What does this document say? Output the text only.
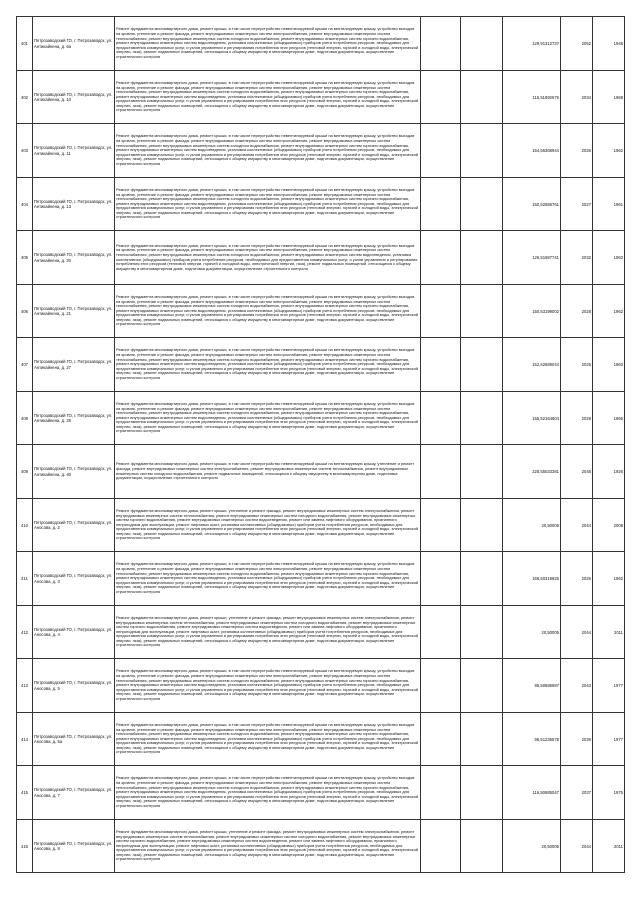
401	Петрозаводский ГО, г. Петрозаводск, ул. Антикайнена, д. 6а	Ремонт фундамента многоквартирного дома, ремонт крыши, в том числе переустройство невентилируемой крыши на вентилируемую крышу, устройство выходов на кровлю, утепление и ремонт фасада, ремонт внутридомовых инженерных систем электроснабжения, ремонт внутридомовых инженерных систем теплоснабжения, ремонт внутридомовых инженерных систем холодного водоснабжения, ремонт внутридомовых инженерных систем горячего водоснабжения, ремонт внутридомовых инженерных систем водоотведения, установка коллективных (общедомовых) приборов учета потребления ресурсов, необходимых для предоставления коммунальных услуг, и узлов управления и регулирования потребления этих ресурсов (тепловой энергии, горячей и холодной воды, электрической энергии, газа), ремонт подвальных помещений, относящихся к общему имуществу в многоквартирном доме, подготовка документации, осуществление строительного контроля			129,91312737	2052	1948
402	Петрозаводский ГО, г. Петрозаводск, ул. Антикайнена, д. 10	Ремонт фундамента многоквартирного дома, ремонт крыши, в том числе переустройство невентилируемой крыши на вентилируемую крышу, устройство выходов на кровлю, утепление и ремонт фасада, ремонт внутридомовых инженерных систем электроснабжения, ремонт внутридомовых инженерных систем теплоснабжения, ремонт внутридомовых инженерных систем холодного водоснабжения, ремонт внутридомовых инженерных систем горячего водоснабжения, ремонт внутридомовых инженерных систем водоотведения, установка коллективных (общедомовых) приборов учета потребления ресурсов, необходимых для предоставления коммунальных услуг, и узлов управления и регулирования потребления этих ресурсов (тепловой энергии, горячей и холодной воды, электрической энергии, газа), ремонт подвальных помещений, относящихся к общему имуществу в многоквартирном доме, подготовка документации, осуществление строительного контроля			115,51892676	2034	1968
403	Петрозаводский ГО, г. Петрозаводск, ул. Антикайнена, д. 11	Ремонт фундамента многоквартирного дома, ремонт крыши, в том числе переустройство невентилируемой крыши на вентилируемую крышу, устройство выходов на кровлю, утепление и ремонт фасада, ремонт внутридомовых инженерных систем электроснабжения, ремонт внутридомовых инженерных систем теплоснабжения, ремонт внутридомовых инженерных систем холодного водоснабжения, ремонт внутридомовых инженерных систем горячего водоснабжения, ремонт внутридомовых инженерных систем водоотведения, установка коллективных (общедомовых) приборов учета потребления ресурсов, необходимых для предоставления коммунальных услуг, и узлов управления и регулирования потребления этих ресурсов (тепловой энергии, горячей и холодной воды, электрической энергии, газа), ремонт подвальных помещений, относящихся к общему имуществу в многоквартирном доме, подготовка документации, осуществление строительного контроля			154,55368944	2026	1962
404	Петрозаводский ГО, г. Петрозаводск, ул. Антикайнена, д. 13	Ремонт фундамента многоквартирного дома, ремонт крыши, в том числе переустройство невентилируемой крыши на вентилируемую крышу, устройство выходов на кровлю, утепление и ремонт фасада, ремонт внутридомовых инженерных систем электроснабжения, ремонт внутридомовых инженерных систем теплоснабжения, ремонт внутридомовых инженерных систем холодного водоснабжения, ремонт внутридомовых инженерных систем горячего водоснабжения, ремонт внутридомовых инженерных систем водоотведения, установка коллективных (общедомовых) приборов учета потребления ресурсов, необходимых для предоставления коммунальных услуг, и узлов управления и регулирования потребления этих ресурсов (тепловой энергии, горячей и холодной воды, электрической энергии, газа), ремонт подвальных помещений, относящихся к общему имуществу в многоквартирном доме, подготовка документации, осуществление строительного контроля			150,52586761	2027	1961
405	Петрозаводский ГО, г. Петрозаводск, ул. Антикайнена, д. 20	Ремонт фундамента многоквартирного дома, ремонт крыши, в том числе переустройство невентилируемой крыши на вентилируемую крышу, устройство выходов на кровлю, утепление и ремонт фасада, ремонт внутридомовых инженерных систем электроснабжения, ремонт внутридомовых инженерных систем теплоснабжения, ремонт внутридомовых инженерных систем холодного водоснабжения, ремонт внутридомовых инженерных систем водоотведения, установка коллективных (общедомовых) приборов учета потребления ресурсов, необходимых для предоставления коммунальных услуг, и узлов управления и регулирования потребления этих ресурсов (тепловой энергии, горячей и холодной воды, электрической энергии, газа), ремонт подвальных помещений, относящихся к общему имуществу в многоквартирном доме, подготовка документации, осуществление строительного контроля			126,51687741	2032	1963
406	Петрозаводский ГО, г. Петрозаводск, ул. Антикайнена, д. 21	Ремонт фундамента многоквартирного дома, ремонт крыши, в том числе переустройство невентилируемой крыши на вентилируемую крышу, устройство выходов на кровлю, утепление и ремонт фасада, ремонт внутридомовых инженерных систем электроснабжения, ремонт внутридомовых инженерных систем теплоснабжения, ремонт внутридомовых инженерных систем холодного водоснабжения, ремонт внутридомовых инженерных систем горячего водоснабжения, ремонт внутридомовых инженерных систем водоотведения, установка коллективных (общедомовых) приборов учета потребления ресурсов, необходимых для предоставления коммунальных услуг, и узлов управления и регулирования потребления этих ресурсов (тепловой энергии, горячей и холодной воды, электрической энергии, газа), ремонт подвальных помещений, относящихся к общему имуществу в многоквартирном доме, подготовка документации, осуществление строительного контроля			150,53199002	2028	1962
407	Петрозаводский ГО, г. Петрозаводск, ул. Антикайнена, д. 27	Ремонт фундамента многоквартирного дома, ремонт крыши, в том числе переустройство невентилируемой крыши на вентилируемую крышу, устройство выходов на кровлю, утепление и ремонт фасада, ремонт внутридомовых инженерных систем электроснабжения, ремонт внутридомовых инженерных систем теплоснабжения, ремонт внутридомовых инженерных систем холодного водоснабжения, ремонт внутридомовых инженерных систем горячего водоснабжения, ремонт внутридомовых инженерных систем водоотведения, установка коллективных (общедомовых) приборов учета потребления ресурсов, необходимых для предоставления коммунальных услуг, и узлов управления и регулирования потребления этих ресурсов (тепловой энергии, горячей и холодной воды, электрической энергии, газа), ремонт подвальных помещений, относящихся к общему имуществу в многоквартирном доме, подготовка документации, осуществление строительного контроля			152,52689044	2025	1963
408	Петрозаводский ГО, г. Петрозаводск, ул. Антикайнена, д. 29	Ремонт фундамента многоквартирного дома, ремонт крыши, в том числе переустройство невентилируемой крыши на вентилируемую крышу, устройство выходов на кровлю, утепление и ремонт фасада, ремонт внутридомовых инженерных систем электроснабжения, ремонт внутридомовых инженерных систем теплоснабжения, ремонт внутридомовых инженерных систем холодного водоснабжения, ремонт внутридомовых инженерных систем горячего водоснабжения, ремонт внутридомовых инженерных систем водоотведения, установка коллективных (общедомовых) приборов учета потребления ресурсов, необходимых для предоставления коммунальных услуг, и узлов управления и регулирования потребления этих ресурсов (тепловой энергии, горячей и холодной воды, электрической энергии, газа), ремонт подвальных помещений, относящихся к общему имуществу в многоквартирном доме, подготовка документации, осуществление строительного контроля			155,52164604	2029	1966
409	Петрозаводский ГО, г. Петрозаводск, ул. Антикайнена, д. 40	Ремонт фундамента многоквартирного дома, ремонт крыши, в том числе переустройство невентилируемой крыши на вентилируемую крышу, утепление и ремонт фасада, ремонт внутридомовых инженерных систем электроснабжения, ремонт внутридомовых инженерных систем теплоснабжения, ремонт внутридомовых инженерных систем холодного водоснабжения, ремонт подвальных помещений, относящихся к общему имуществу в многоквартирном доме, подготовка документации, осуществление строительного контроля			228,55033381	2048	1926
410	Петрозаводский ГО, г. Петрозаводск, ул. Аносова, д. 2	Ремонт фундамента многоквартирного дома, ремонт крыши, утепление и ремонт фасада, ремонт внутридомовых инженерных систем электроснабжения, ремонт внутридомовых инженерных систем теплоснабжения, ремонт внутридомовых инженерных систем холодного водоснабжения, ремонт внутридомовых инженерных систем горячего водоснабжения, ремонт внутридомовых инженерных систем водоотведения, ремонт или замена лифтового оборудования, признанного непригодным для эксплуатации, ремонт лифтовых шахт, установка коллективных (общедомовых) приборов учета потребления ресурсов, необходимых для предоставления коммунальных услуг, и узлов управления и регулирования потребления этих ресурсов (тепловой энергии, горячей и холодной воды, электрической энергии, газа), ремонт подвальных помещений, относящихся к общему имуществу в многоквартирном доме, подготовка документации, осуществление строительного контроля			20,50005	2044	2008
411	Петрозаводский ГО, г. Петрозаводск, ул. Аносова, д. 3	Ремонт фундамента многоквартирного дома, ремонт крыши, в том числе переустройство невентилируемой крыши на вентилируемую крышу, устройство выходов на кровлю, утепление и ремонт фасада, ремонт внутридомовых инженерных систем электроснабжения, ремонт внутридомовых инженерных систем теплоснабжения, ремонт внутридомовых инженерных систем холодного водоснабжения, ремонт внутридомовых инженерных систем горячего водоснабжения, ремонт внутридомовых инженерных систем водоотведения, установка коллективных (общедомовых) приборов учета потребления ресурсов, необходимых для предоставления коммунальных услуг, и узлов управления и регулирования потребления этих ресурсов (тепловой энергии, горячей и холодной воды, электрической энергии, газа), ремонт подвальных помещений, относящихся к общему имуществу в многоквартирном доме, подготовка документации, осуществление строительного контроля			166,50319825	2026	1962
412	Петрозаводский ГО, г. Петрозаводск, ул. Аносова, д. 4	Ремонт фундамента многоквартирного дома, ремонт крыши, утепление и ремонт фасада, ремонт внутридомовых инженерных систем электроснабжения, ремонт внутридомовых инженерных систем теплоснабжения, ремонт внутридомовых инженерных систем холодного водоснабжения, ремонт внутридомовых инженерных систем горячего водоснабжения, ремонт внутридомовых инженерных систем водоотведения, ремонт или замена лифтового оборудования, признанного непригодным для эксплуатации, ремонт лифтовых шахт, установка коллективных (общедомовых) приборов учета потребления ресурсов, необходимых для предоставления коммунальных услуг, и узлов управления и регулирования потребления этих ресурсов (тепловой энергии, горячей и холодной воды, электрической энергии, газа), ремонт подвальных помещений, относящихся к общему имуществу в многоквартирном доме, подготовка документации, осуществление строительного контроля			20,50005	2044	2011
413	Петрозаводский ГО, г. Петрозаводск, ул. Аносова, д. 5	Ремонт фундамента многоквартирного дома, ремонт крыши, в том числе переустройство невентилируемой крыши на вентилируемую крышу, устройство выходов на кровлю, утепление и ремонт фасада, ремонт внутридомовых инженерных систем электроснабжения, ремонт внутридомовых инженерных систем теплоснабжения, ремонт внутридомовых инженерных систем холодного водоснабжения, ремонт внутридомовых инженерных систем горячего водоснабжения, ремонт внутридомовых инженерных систем водоотведения, установка коллективных (общедомовых) приборов учета потребления ресурсов, необходимых для предоставления коммунальных услуг, и узлов управления и регулирования потребления этих ресурсов (тепловой энергии, горячей и холодной воды, электрической энергии, газа), ремонт подвальных помещений, относящихся к общему имуществу в многоквартирном доме, подготовка документации, осуществление строительного контроля			95,50686687	2043	1977
414	Петрозаводский ГО, г. Петрозаводск, ул. Аносова, д. 5а	Ремонт фундамента многоквартирного дома, ремонт крыши, в том числе переустройство невентилируемой крыши на вентилируемую крышу, устройство выходов на кровлю, утепление и ремонт фасада, ремонт внутридомовых инженерных систем электроснабжения, ремонт внутридомовых инженерных систем теплоснабжения, ремонт внутридомовых инженерных систем холодного водоснабжения, ремонт внутридомовых инженерных систем горячего водоснабжения, ремонт внутридомовых инженерных систем водоотведения, установка коллективных (общедомовых) приборов учета потребления ресурсов, необходимых для предоставления коммунальных услуг, и узлов управления и регулирования потребления этих ресурсов (тепловой энергии, горячей и холодной воды, электрической энергии, газа), ремонт подвальных помещений, относящихся к общему имуществу в многоквартирном доме, подготовка документации, осуществление строительного контроля			96,51236578	2039	1977
415	Петрозаводский ГО, г. Петрозаводск, ул. Аносова, д. 7	Ремонт фундамента многоквартирного дома, ремонт крыши, в том числе переустройство невентилируемой крыши на вентилируемую крышу, устройство выходов на кровлю, утепление и ремонт фасада, ремонт внутридомовых инженерных систем электроснабжения, ремонт внутридомовых инженерных систем теплоснабжения, ремонт внутридомовых инженерных систем холодного водоснабжения, ремонт внутридомовых инженерных систем горячего водоснабжения, ремонт внутридомовых инженерных систем водоотведения, установка коллективных (общедомовых) приборов учета потребления ресурсов, необходимых для предоставления коммунальных услуг, и узлов управления и регулирования потребления этих ресурсов (тепловой энергии, горячей и холодной воды, электрической энергии, газа), ремонт подвальных помещений, относящихся к общему имуществу в многоквартирном доме, подготовка документации, осуществление строительного контроля			116,50685047	2037	1975
416	Петрозаводский ГО, г. Петрозаводск, ул. Аносова, д. 8	Ремонт фундамента многоквартирного дома, ремонт крыши, утепление и ремонт фасада, ремонт внутридомовых инженерных систем электроснабжения, ремонт внутридомовых инженерных систем теплоснабжения, ремонт внутридомовых инженерных систем холодного водоснабжения, ремонт внутридомовых инженерных систем горячего водоснабжения, ремонт внутридомовых инженерных систем водоотведения, ремонт или замена лифтового оборудования, признанного непригодным для эксплуатации, ремонт лифтовых шахт, установка коллективных (общедомовых) приборов учета потребления ресурсов, необходимых для предоставления коммунальных услуг, и узлов управления и регулирования потребления этих ресурсов (тепловой энергии, горячей и холодной воды, электрической энергии, газа), ремонт подвальных помещений, относящихся к общему имуществу в многоквартирном доме, подготовка документации, осуществление строительного контроля			20,50005	2044	2011
